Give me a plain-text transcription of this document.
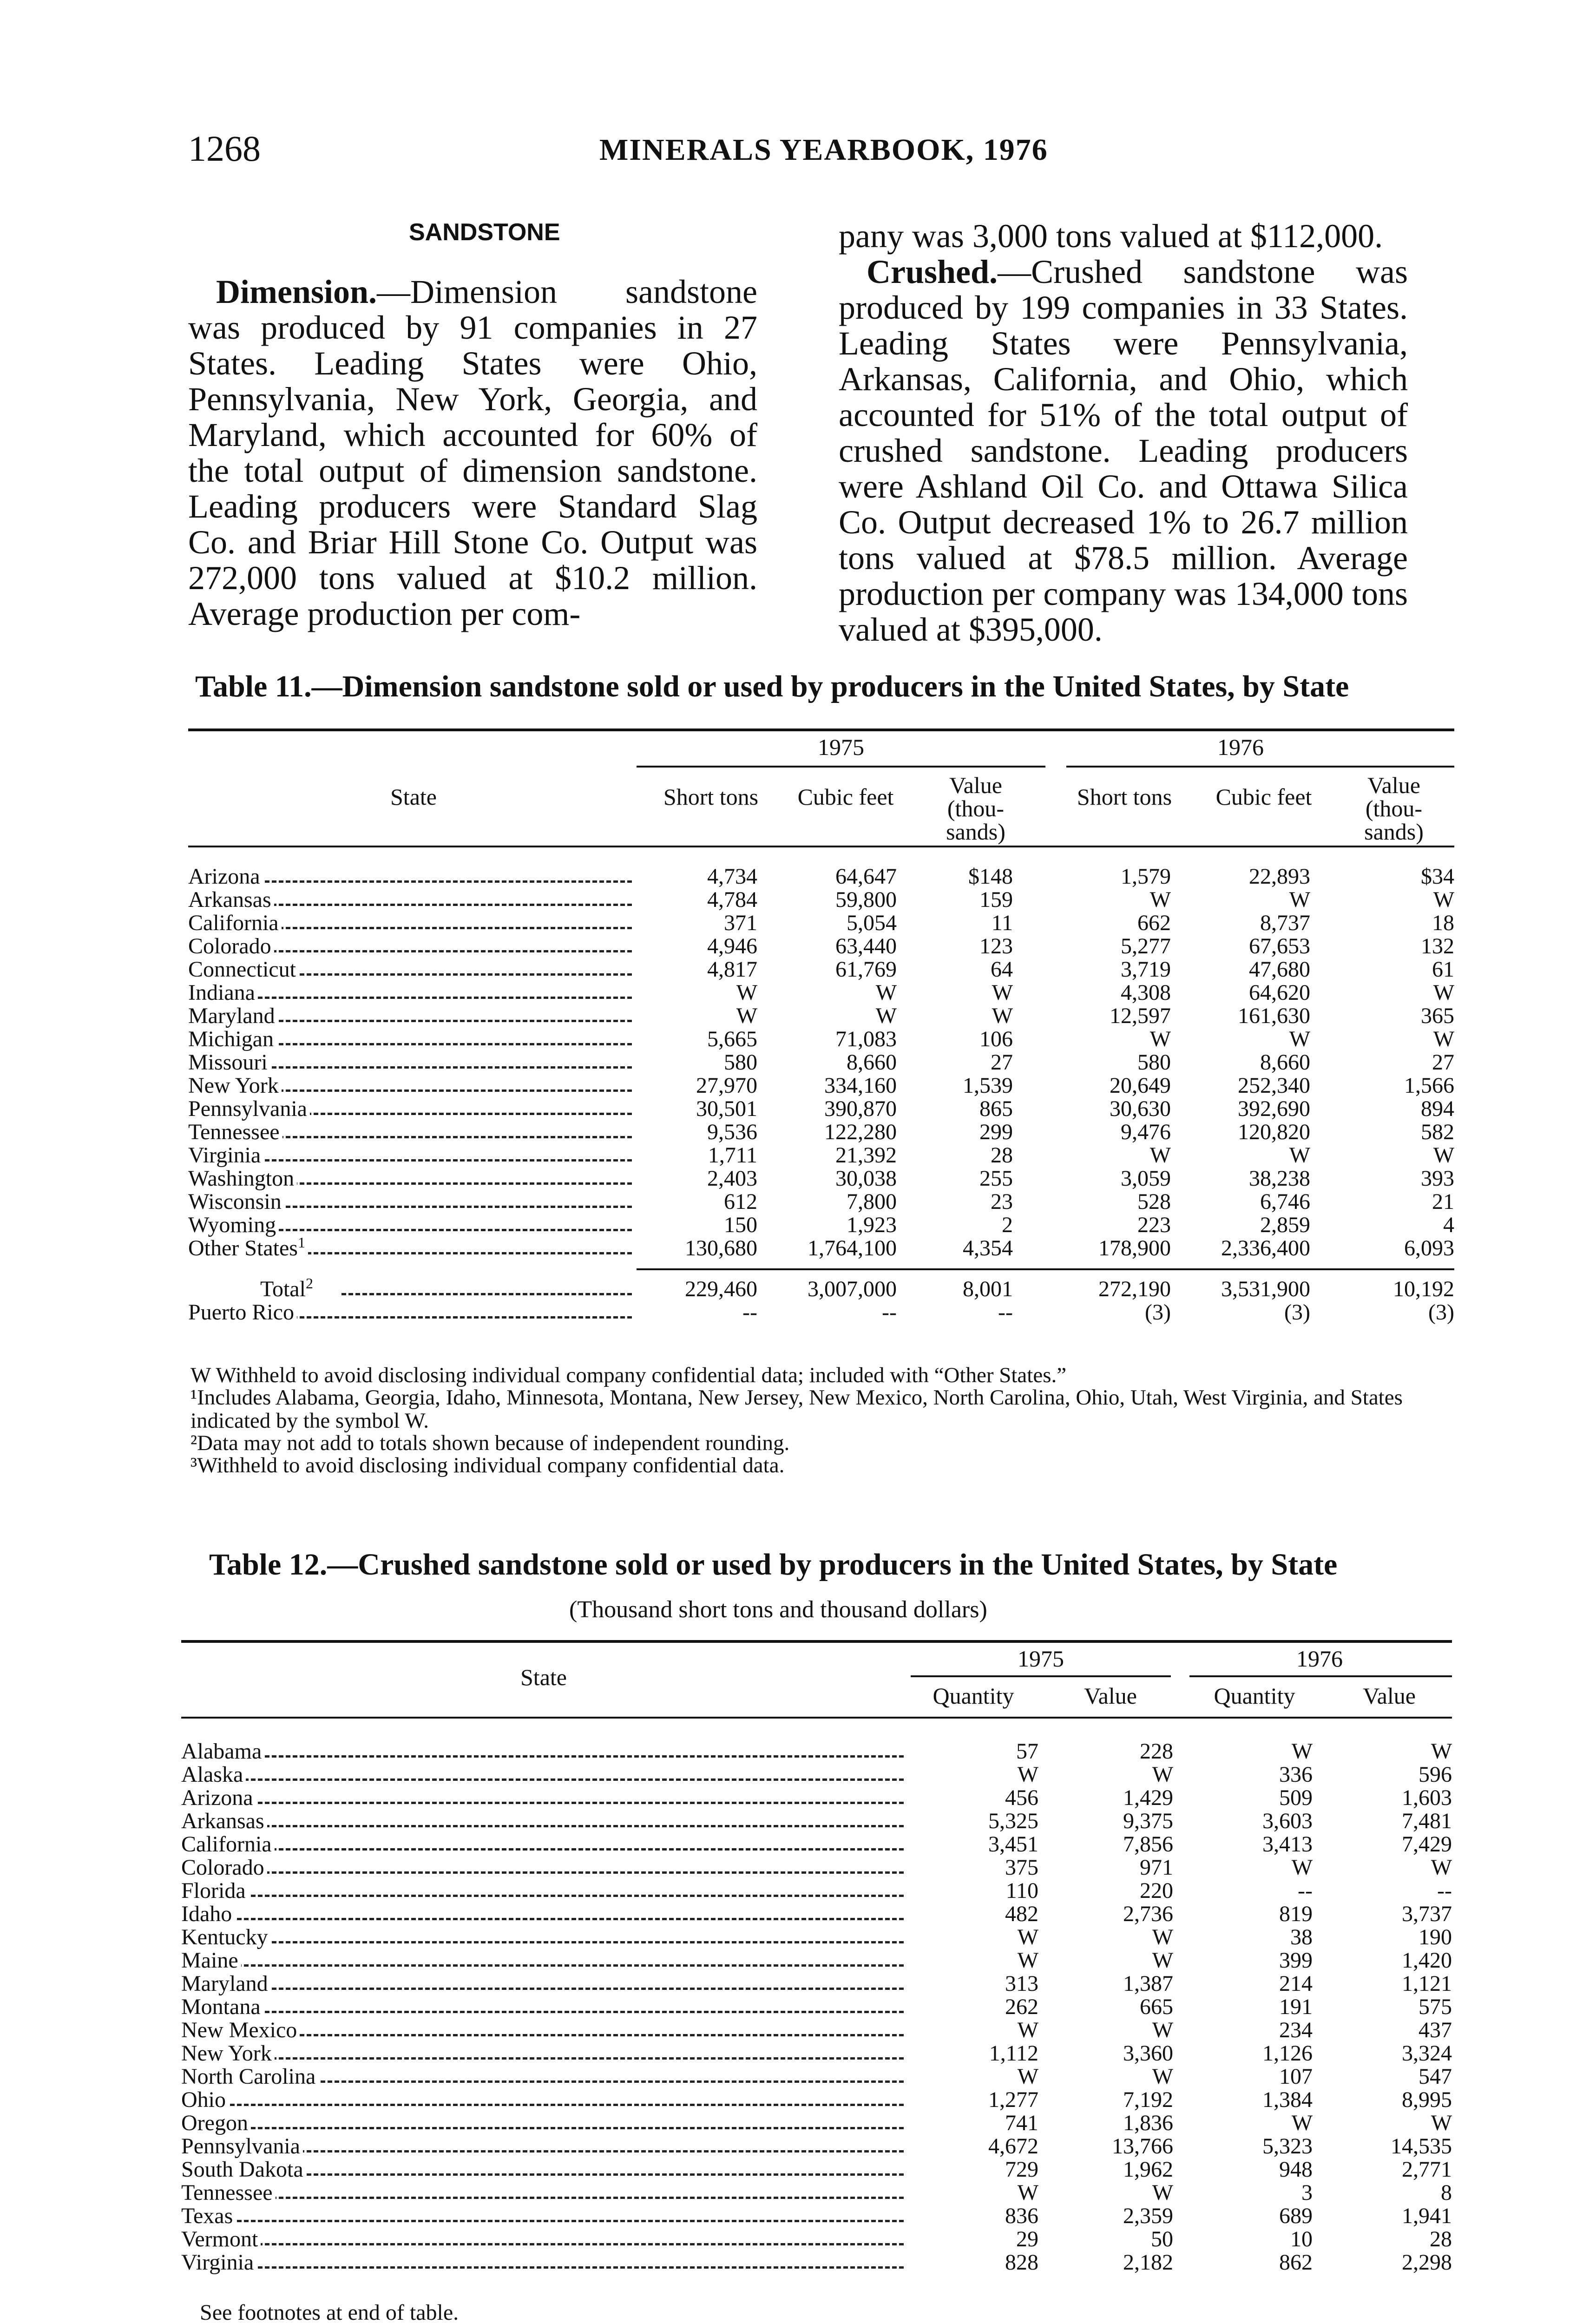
1268	MINERALS YEARBOOK, 1976
SANDSTONE

Dimension.—Dimension sandstone was produced by 91 companies in 27 States. Leading States were Ohio, Pennsylvania, New York, Georgia, and Maryland, which accounted for 60% of the total output of dimension sandstone. Leading producers were Standard Slag Co. and Briar Hill Stone Co. Output was 272,000 tons valued at $10.2 million. Average production per com-

pany was 3,000 tons valued at $112,000.

Crushed.—Crushed sandstone was produced by 199 companies in 33 States. Leading States were Pennsylvania, Arkansas, California, and Ohio, which accounted for 51% of the total output of crushed sandstone. Leading producers were Ashland Oil Co. and Ottawa Silica Co. Output decreased 1% to 26.7 million tons valued at $78.5 million. Average production per company was 134,000 tons valued at $395,000.

Table 11.—Dimension sandstone sold or used by producers in the United States, by State
State
1975	1976
Short tons	Cubic feet	Value (thou- sands)
Short tons	Cubic feet	Value (thou- sands)
Arizona	4,734	64,647	$148	1,579	22,893	$34

Arkansas	4,784	59,800	159	W	W	W

California	371	5,054	11	662	8,737	18

Colorado	4,946	63,440	123	5,277	67,653	132

Connecticut	4,817	61,769	64	3,719	47,680	61

Indiana	W	W	W	4,308	64,620	W

Maryland	W	W	W	12,597	161,630	365

Michigan	5,665	71,083	106	W	W	W

Missouri	580	8,660	27	580	8,660	27

New York	27,970	334,160	1,539	20,649	252,340	1,566

Pennsylvania	30,501	390,870	865	30,630	392,690	894

Tennessee	9,536	122,280	299	9,476	120,820	582

Virginia	1,711	21,392	28	W	W	W

Washington	2,403	30,038	255	3,059	38,238	393

Wisconsin	612	7,800	23	528	6,746	21

Wyoming	150	1,923	2	223	2,859	4

Other States$^1$	130,680	1,764,100	4,354	178,900	2,336,400	6,093

Total$^2$	229,460	3,007,000	8,001	272,190	3,531,900	10,192

Puerto Rico	--	--	--	(3)	(3)	(3)
W Withheld to avoid disclosing individual company confidential data; included with “Other States.”
¹Includes Alabama, Georgia, Idaho, Minnesota, Montana, New Jersey, New Mexico, North Carolina, Ohio, Utah, West Virginia, and States indicated by the symbol W.
²Data may not add to totals shown because of independent rounding.
³Withheld to avoid disclosing individual company confidential data.
Table 12.—Crushed sandstone sold or used by producers in the United States, by State
(Thousand short tons and thousand dollars)
State
1975	1976
Quantity	Value	Quantity	Value
Alabama	57	228	W	W

Alaska	W	W	336	596

Arizona	456	1,429	509	1,603

Arkansas	5,325	9,375	3,603	7,481

California	3,451	7,856	3,413	7,429

Colorado	375	971	W	W

Florida	110	220	--	--

Idaho	482	2,736	819	3,737

Kentucky	W	W	38	190

Maine	W	W	399	1,420

Maryland	313	1,387	214	1,121

Montana	262	665	191	575

New Mexico	W	W	234	437

New York	1,112	3,360	1,126	3,324

North Carolina	W	W	107	547

Ohio	1,277	7,192	1,384	8,995

Oregon	741	1,836	W	W

Pennsylvania	4,672	13,766	5,323	14,535

South Dakota	729	1,962	948	2,771

Tennessee	W	W	3	8

Texas	836	2,359	689	1,941

Vermont	29	50	10	28

Virginia	828	2,182	862	2,298
See footnotes at end of table.
